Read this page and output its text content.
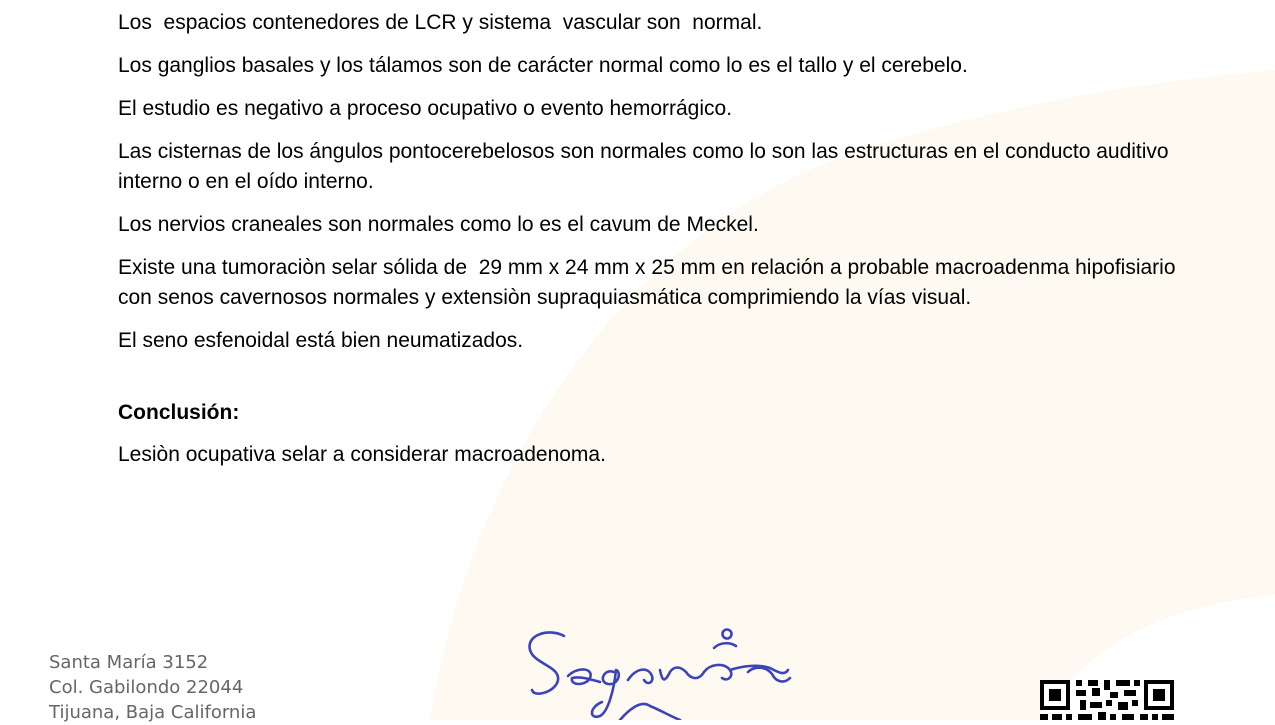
Los  espacios contenedores de LCR y sistema  vascular son  normal.

Los ganglios basales y los tálamos son de carácter normal como lo es el tallo y el cerebelo.

El estudio es negativo a proceso ocupativo o evento hemorrágico.

Las cisternas de los ángulos pontocerebelosos son normales como lo son las estructuras en el conducto auditivo interno o en el oído interno.

Los nervios craneales son normales como lo es el cavum de Meckel.

Existe una tumoraciòn selar sólida de  29 mm x 24 mm x 25 mm en relación a probable macroadenma hipofisiario con senos cavernosos normales y extensiòn supraquiasmática comprimiendo la vías visual.

El seno esfenoidal está bien neumatizados.

Conclusión:

Lesiòn ocupativa selar a considerar macroadenoma.

Santa María 3152
Col. Gabilondo 22044
Tijuana, Baja California
